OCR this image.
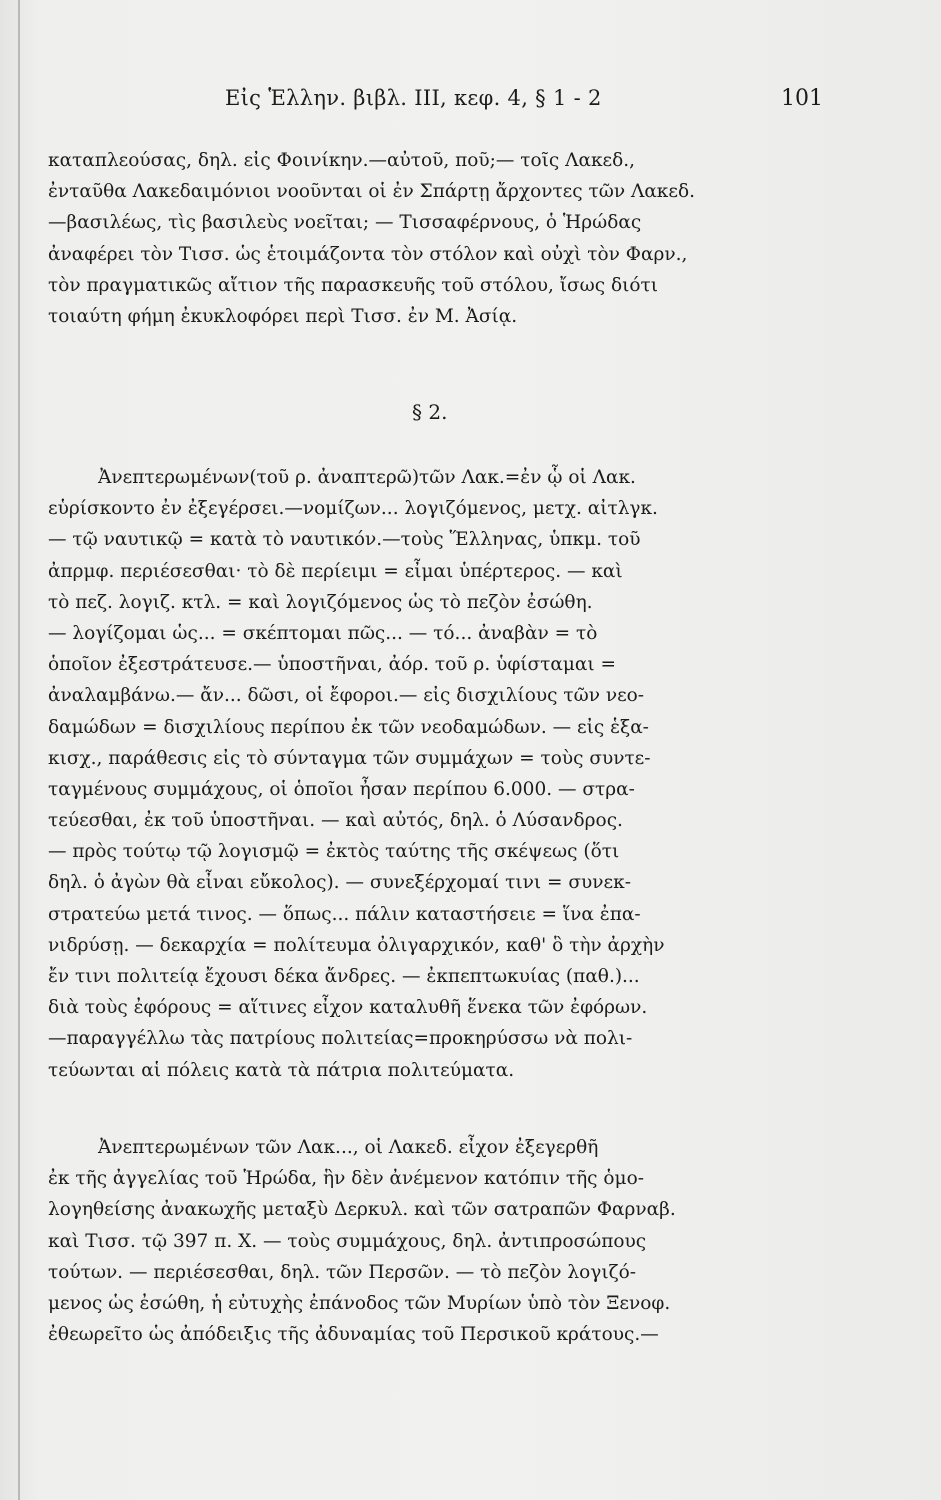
Εἰς Ἑλλην. βιβλ. III, κεφ. 4, § 1 - 2	101
καταπλεούσας, δηλ. εἰς Φοινίκην.—αὐτοῦ, ποῦ;— τοῖς Λακεδ.,
ἐνταῦθα Λακεδαιμόνιοι νοοῦνται οἱ ἐν Σπάρτῃ ἄρχοντες τῶν Λακεδ.
—βασιλέως, τὶς βασιλεὺς νοεῖται; — Τισσαφέρνους, ὁ Ἡρώδας
ἀναφέρει τὸν Τισσ. ὡς ἑτοιμάζοντα τὸν στόλον καὶ οὐχὶ τὸν Φαρν.,
τὸν πραγματικῶς αἴτιον τῆς παρασκευῆς τοῦ στόλου, ἴσως διότι
τοιαύτη φήμη ἐκυκλοφόρει περὶ Τισσ. ἐν Μ. Ἀσίᾳ.
§ 2.
Ἀνεπτερωμένων(τοῦ ρ. ἀναπτερῶ)τῶν Λακ.=ἐν ᾧ οἱ Λακ.
εὑρίσκοντο ἐν ἐξεγέρσει.—νομίζων... λογιζόμενος, μετχ. αἰτλγκ.
— τῷ ναυτικῷ = κατὰ τὸ ναυτικόν.—τοὺς Ἕλληνας, ὑπκμ. τοῦ
ἀπρμφ. περιέσεσθαι· τὸ δὲ περίειμι = εἶμαι ὑπέρτερος. — καὶ
τὸ πεζ. λογιζ. κτλ. = καὶ λογιζόμενος ὡς τὸ πεζὸν ἐσώθη.
— λογίζομαι ὡς... = σκέπτομαι πῶς... — τό... ἀναβὰν = τὸ
ὁποῖον ἐξεστράτευσε.— ὑποστῆναι, ἀόρ. τοῦ ρ. ὑφίσταμαι =
ἀναλαμβάνω.— ἄν... δῶσι, οἱ ἔφοροι.— εἰς δισχιλίους τῶν νεο-
δαμώδων = δισχιλίους περίπου ἐκ τῶν νεοδαμώδων. — εἰς ἑξα-
κισχ., παράθεσις εἰς τὸ σύνταγμα τῶν συμμάχων = τοὺς συντε-
ταγμένους συμμάχους, οἱ ὁποῖοι ἦσαν περίπου 6.000. — στρα-
τεύεσθαι, ἐκ τοῦ ὑποστῆναι. — καὶ αὐτός, δηλ. ὁ Λύσανδρος.
— πρὸς τούτῳ τῷ λογισμῷ = ἐκτὸς ταύτης τῆς σκέψεως (ὅτι
δηλ. ὁ ἀγὼν θὰ εἶναι εὔκολος). — συνεξέρχομαί τινι = συνεκ-
στρατεύω μετά τινος. — ὅπως... πάλιν καταστήσειε = ἵνα ἐπα-
νιδρύσῃ. — δεκαρχία = πολίτευμα ὀλιγαρχικόν, καθ' ὃ τὴν ἀρχὴν
ἔν τινι πολιτείᾳ ἔχουσι δέκα ἄνδρες. — ἐκπεπτωκυίας (παθ.)...
διὰ τοὺς ἐφόρους = αἵτινες εἶχον καταλυθῆ ἕνεκα τῶν ἐφόρων.
—παραγγέλλω τὰς πατρίους πολιτείας=προκηρύσσω νὰ πολι-
τεύωνται αἱ πόλεις κατὰ τὰ πάτρια πολιτεύματα.
Ἀνεπτερωμένων τῶν Λακ..., οἱ Λακεδ. εἶχον ἐξεγερθῆ
ἐκ τῆς ἀγγελίας τοῦ Ἡρώδα, ἣν δὲν ἀνέμενον κατόπιν τῆς ὁμο-
λογηθείσης ἀνακωχῆς μεταξὺ Δερκυλ. καὶ τῶν σατραπῶν Φαρναβ.
καὶ Τισσ. τῷ 397 π. Χ. — τοὺς συμμάχους, δηλ. ἀντιπροσώπους
τούτων. — περιέσεσθαι, δηλ. τῶν Περσῶν. — τὸ πεζὸν λογιζό-
μενος ὡς ἐσώθη, ἡ εὐτυχὴς ἐπάνοδος τῶν Μυρίων ὑπὸ τὸν Ξενοφ.
ἐθεωρεῖτο ὡς ἀπόδειξις τῆς ἀδυναμίας τοῦ Περσικοῦ κράτους.—
